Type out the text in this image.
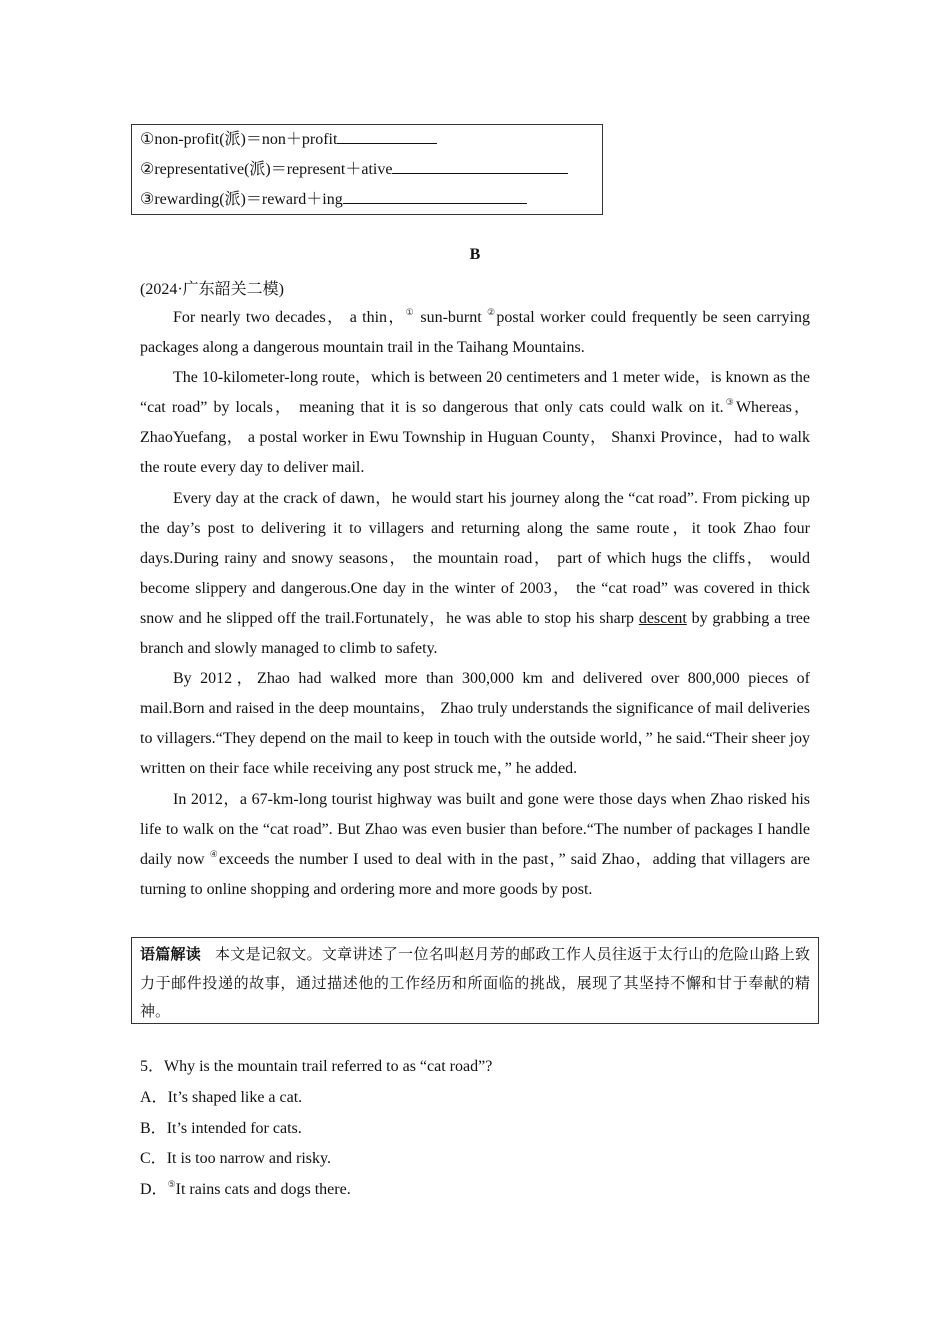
①non-profit(派)＝non＋profit
②representative(派)＝represent＋ative
③rewarding(派)＝reward＋ing
B
(2024·广东韶关二模)

For nearly two decades， a thin，① sun-burnt ②postal worker could frequently be seen carrying packages along a dangerous mountain trail in the Taihang Mountains.

The 10-kilometer-long route，which is between 20 centimeters and 1 meter wide，is known as the “cat road” by locals， meaning that it is so dangerous that only cats could walk on it.③Whereas， ZhaoYuefang， a postal worker in Ewu Township in Huguan County， Shanxi Province，had to walk the route every day to deliver mail.

Every day at the crack of dawn，he would start his journey along the “cat road”. From picking up the day’s post to delivering it to villagers and returning along the same route，it took Zhao four days.During rainy and snowy seasons， the mountain road， part of which hugs the cliffs， would become slippery and dangerous.One day in the winter of 2003， the “cat road” was covered in thick snow and he slipped off the trail.Fortunately，he was able to stop his sharp descent by grabbing a tree branch and slowly managed to climb to safety.

By 2012，Zhao had walked more than 300,000 km and delivered over 800,000 pieces of mail.Born and raised in the deep mountains， Zhao truly understands the significance of mail deliveries to villagers.“They depend on the mail to keep in touch with the outside world，” he said.“Their sheer joy written on their face while receiving any post struck me，” he added.

In 2012，a 67-km-long tourist highway was built and gone were those days when Zhao risked his life to walk on the “cat road”. But Zhao was even busier than before.“The number of packages I handle daily now ④exceeds the number I used to deal with in the past，” said Zhao，adding that villagers are turning to online shopping and ordering more and more goods by post.

语篇解读 本文是记叙文。文章讲述了一位名叫赵月芳的邮政工作人员往返于太行山的危险山路上致力于邮件投递的故事，通过描述他的工作经历和所面临的挑战，展现了其坚持不懈和甘于奉献的精神。
5．Why is the mountain trail referred to as “cat road”?
A．It’s shaped like a cat.
B．It’s intended for cats.
C．It is too narrow and risky.
D．⑤It rains cats and dogs there.
